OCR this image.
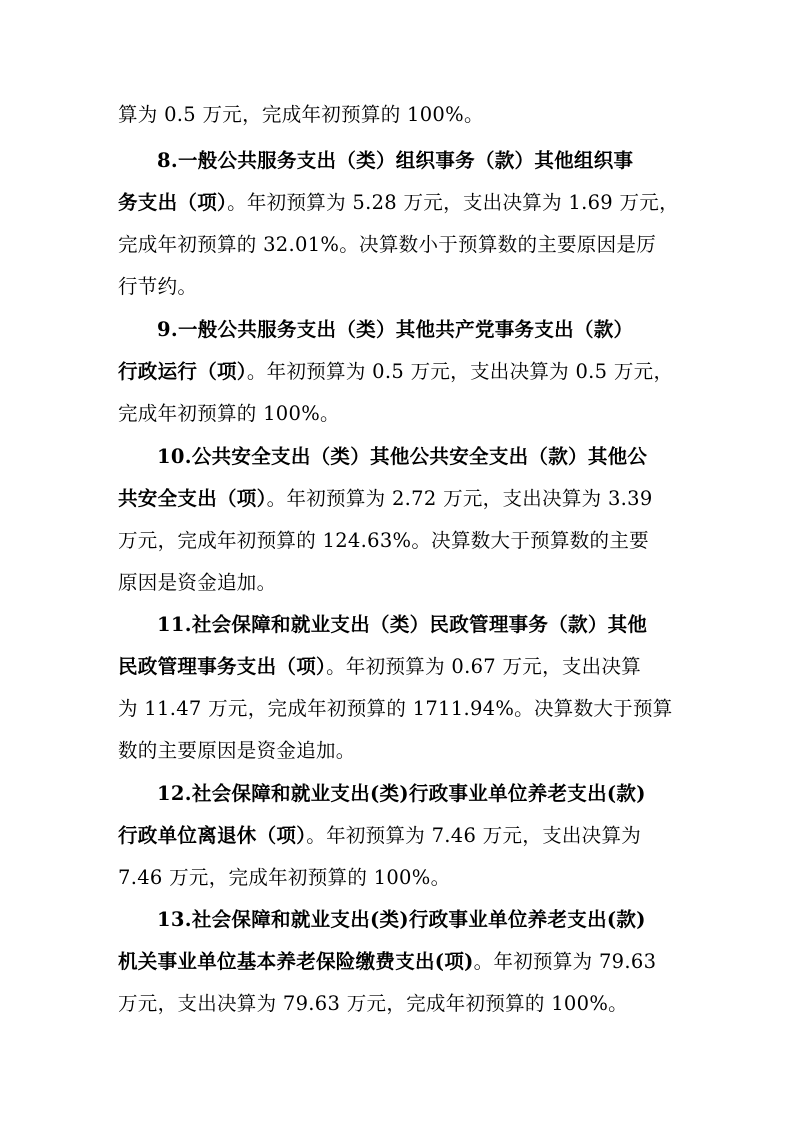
算为 0.5 万元，完成年初预算的 100%。
8.一般公共服务支出（类）组织事务（款）其他组织事
务支出（项）。年初预算为 5.28 万元，支出决算为 1.69 万元，
完成年初预算的 32.01%。决算数小于预算数的主要原因是厉
行节约。
9.一般公共服务支出（类）其他共产党事务支出（款）
行政运行（项）。年初预算为 0.5 万元，支出决算为 0.5 万元，
完成年初预算的 100%。
10.公共安全支出（类）其他公共安全支出（款）其他公
共安全支出（项）。年初预算为 2.72 万元，支出决算为 3.39
万元，完成年初预算的 124.63%。决算数大于预算数的主要
原因是资金追加。
11.社会保障和就业支出（类）民政管理事务（款）其他
民政管理事务支出（项）。年初预算为 0.67 万元，支出决算
为 11.47 万元，完成年初预算的 1711.94%。决算数大于预算
数的主要原因是资金追加。
12.社会保障和就业支出(类)行政事业单位养老支出(款)
行政单位离退休（项）。年初预算为 7.46 万元，支出决算为
7.46 万元，完成年初预算的 100%。
13.社会保障和就业支出(类)行政事业单位养老支出(款)
机关事业单位基本养老保险缴费支出(项)。年初预算为 79.63
万元，支出决算为 79.63 万元，完成年初预算的 100%。
